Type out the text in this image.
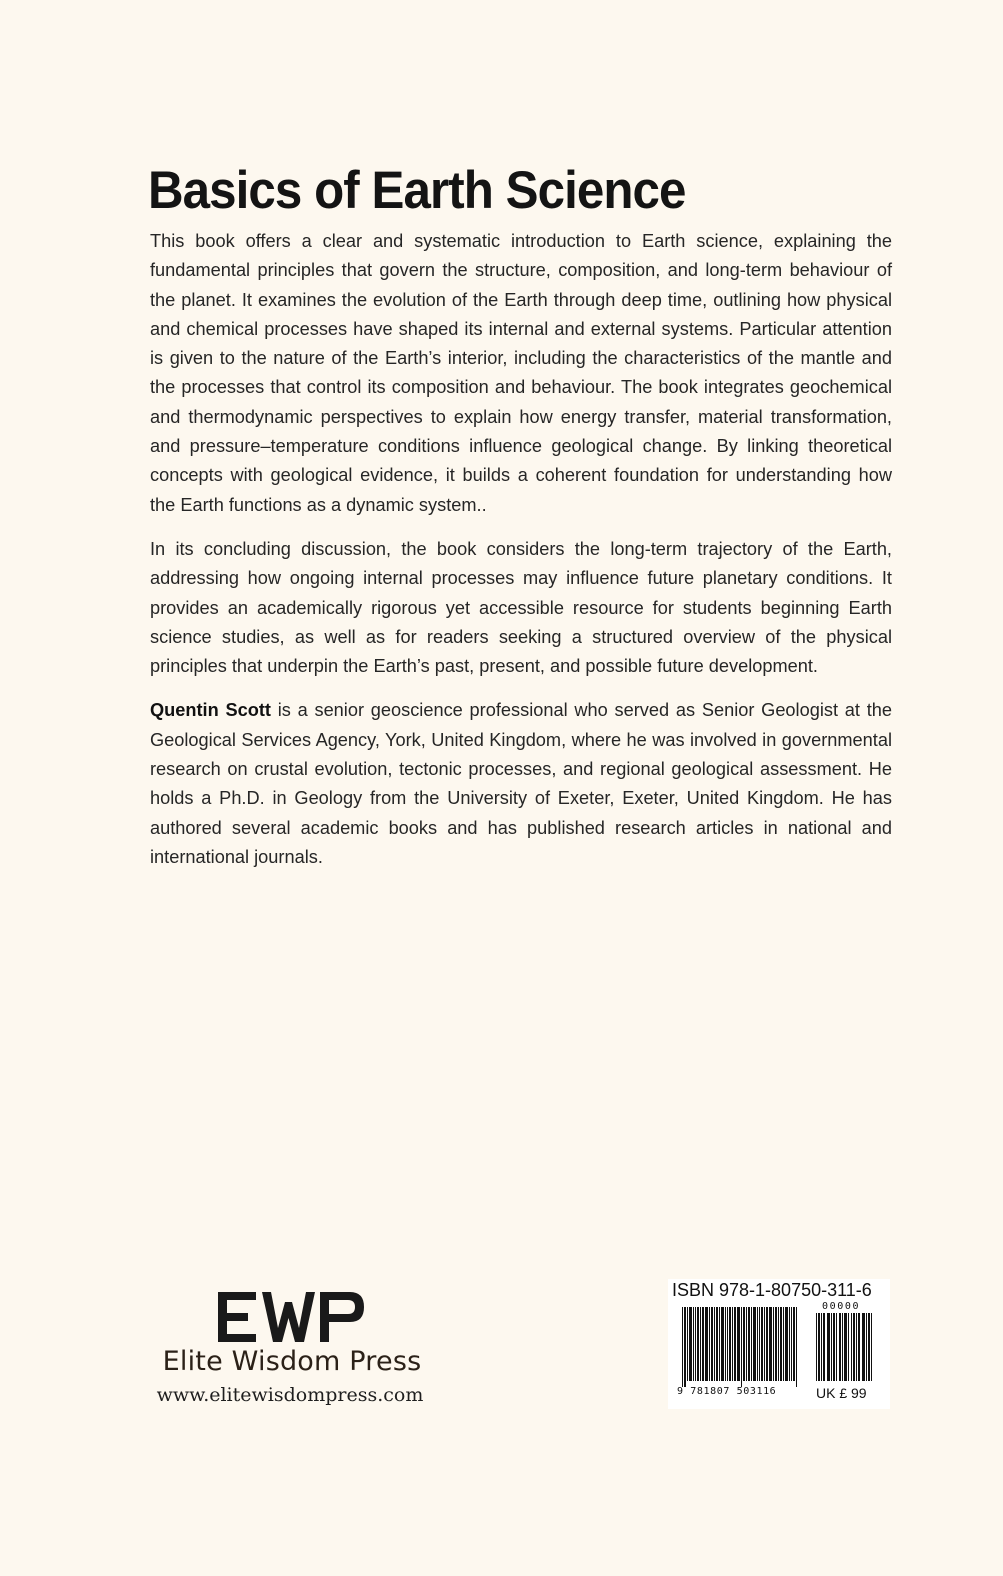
Basics of Earth Science

This book offers a clear and systematic introduction to Earth science, explaining the fundamental principles that govern the structure, composition, and long-term behaviour of the planet. It examines the evolution of the Earth through deep time, outlining how physical and chemical processes have shaped its internal and external systems. Particular attention is given to the nature of the Earth’s interior, including the characteristics of the mantle and the processes that control its composition and behaviour. The book integrates geochemical and thermodynamic perspectives to explain how energy transfer, material transformation, and pressure–temperature conditions influence geological change. By linking theoretical concepts with geological evidence, it builds a coherent foundation for understanding how the Earth functions as a dynamic system..

In its concluding discussion, the book considers the long-term trajectory of the Earth, addressing how ongoing internal processes may influence future planetary conditions. It provides an academically rigorous yet accessible resource for students beginning Earth science studies, as well as for readers seeking a structured overview of the physical principles that underpin the Earth’s past, present, and possible future development.

Quentin Scott is a senior geoscience professional who served as Senior Geologist at the Geological Services Agency, York, United Kingdom, where he was involved in governmental research on crustal evolution, tectonic processes, and regional geological assessment. He holds a Ph.D. in Geology from the University of Exeter, Exeter, United Kingdom. He has authored several academic books and has published research articles in national and international journals.

Elite Wisdom Press
www.elitewisdompress.com
ISBN 978-1-80750-311-6
00000
9 781807 503116	UK £ 99
